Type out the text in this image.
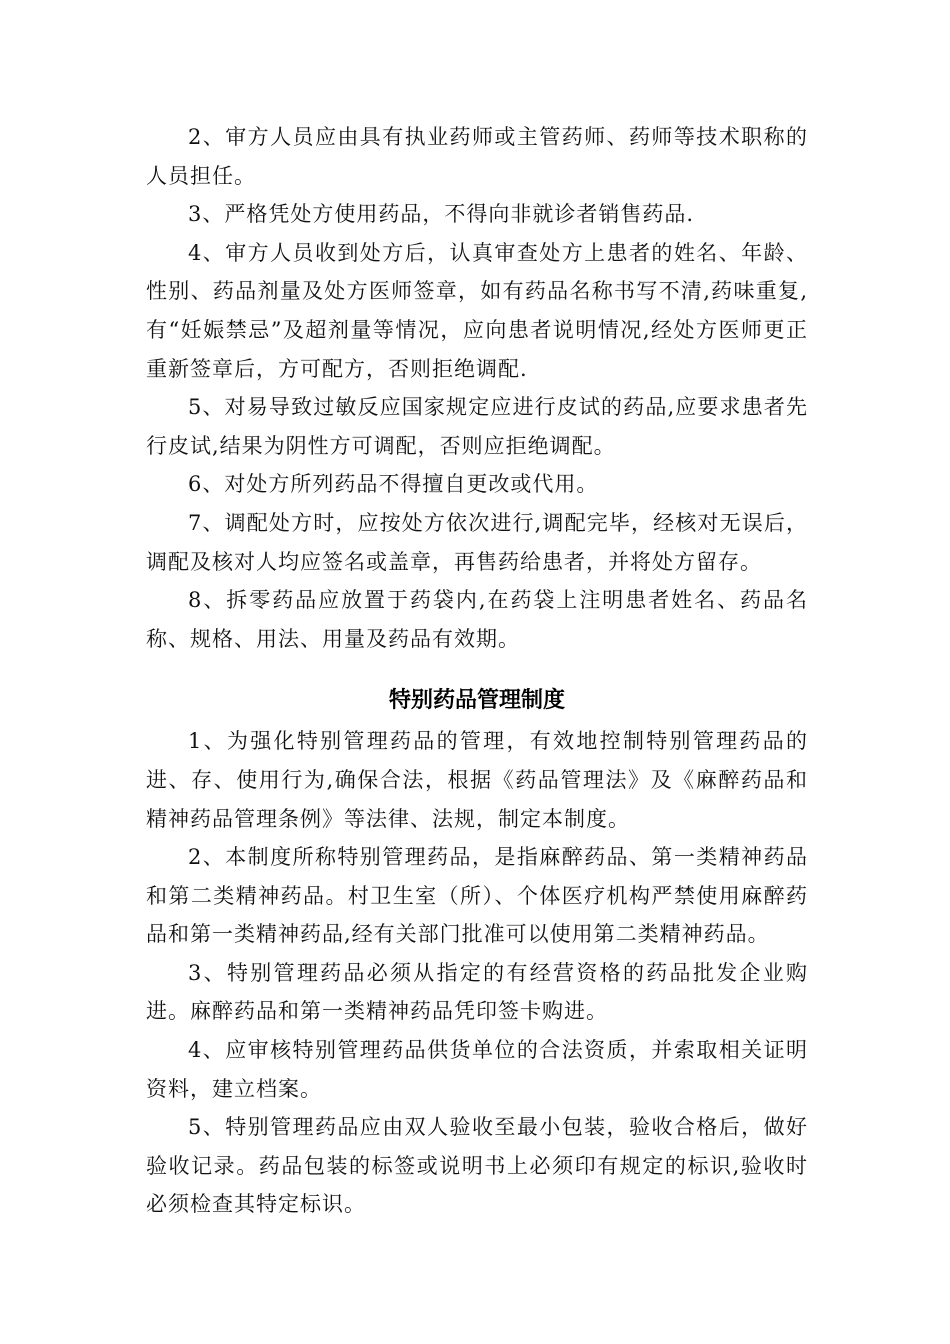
2、审方人员应由具有执业药师或主管药师、药师等技术职称的人员担任。

3、严格凭处方使用药品，不得向非就诊者销售药品.

4、审方人员收到处方后，认真审查处方上患者的姓名、年龄、性别、药品剂量及处方医师签章，如有药品名称书写不清,药味重复,有“妊娠禁忌”及超剂量等情况，应向患者说明情况,经处方医师更正重新签章后，方可配方，否则拒绝调配.

5、对易导致过敏反应国家规定应进行皮试的药品,应要求患者先行皮试,结果为阴性方可调配，否则应拒绝调配。

6、对处方所列药品不得擅自更改或代用。

7、调配处方时，应按处方依次进行,调配完毕，经核对无误后，调配及核对人均应签名或盖章，再售药给患者，并将处方留存。

8、拆零药品应放置于药袋内,在药袋上注明患者姓名、药品名称、规格、用法、用量及药品有效期。

特别药品管理制度

1、为强化特别管理药品的管理，有效地控制特别管理药品的进、存、使用行为,确保合法，根据《药品管理法》及《麻醉药品和精神药品管理条例》等法律、法规，制定本制度。

2、本制度所称特别管理药品，是指麻醉药品、第一类精神药品和第二类精神药品。村卫生室（所）、个体医疗机构严禁使用麻醉药品和第一类精神药品,经有关部门批准可以使用第二类精神药品。

3、特别管理药品必须从指定的有经营资格的药品批发企业购进。麻醉药品和第一类精神药品凭印签卡购进。

4、应审核特别管理药品供货单位的合法资质，并索取相关证明资料，建立档案。

5、特别管理药品应由双人验收至最小包装，验收合格后，做好验收记录。药品包装的标签或说明书上必须印有规定的标识,验收时必须检查其特定标识。
